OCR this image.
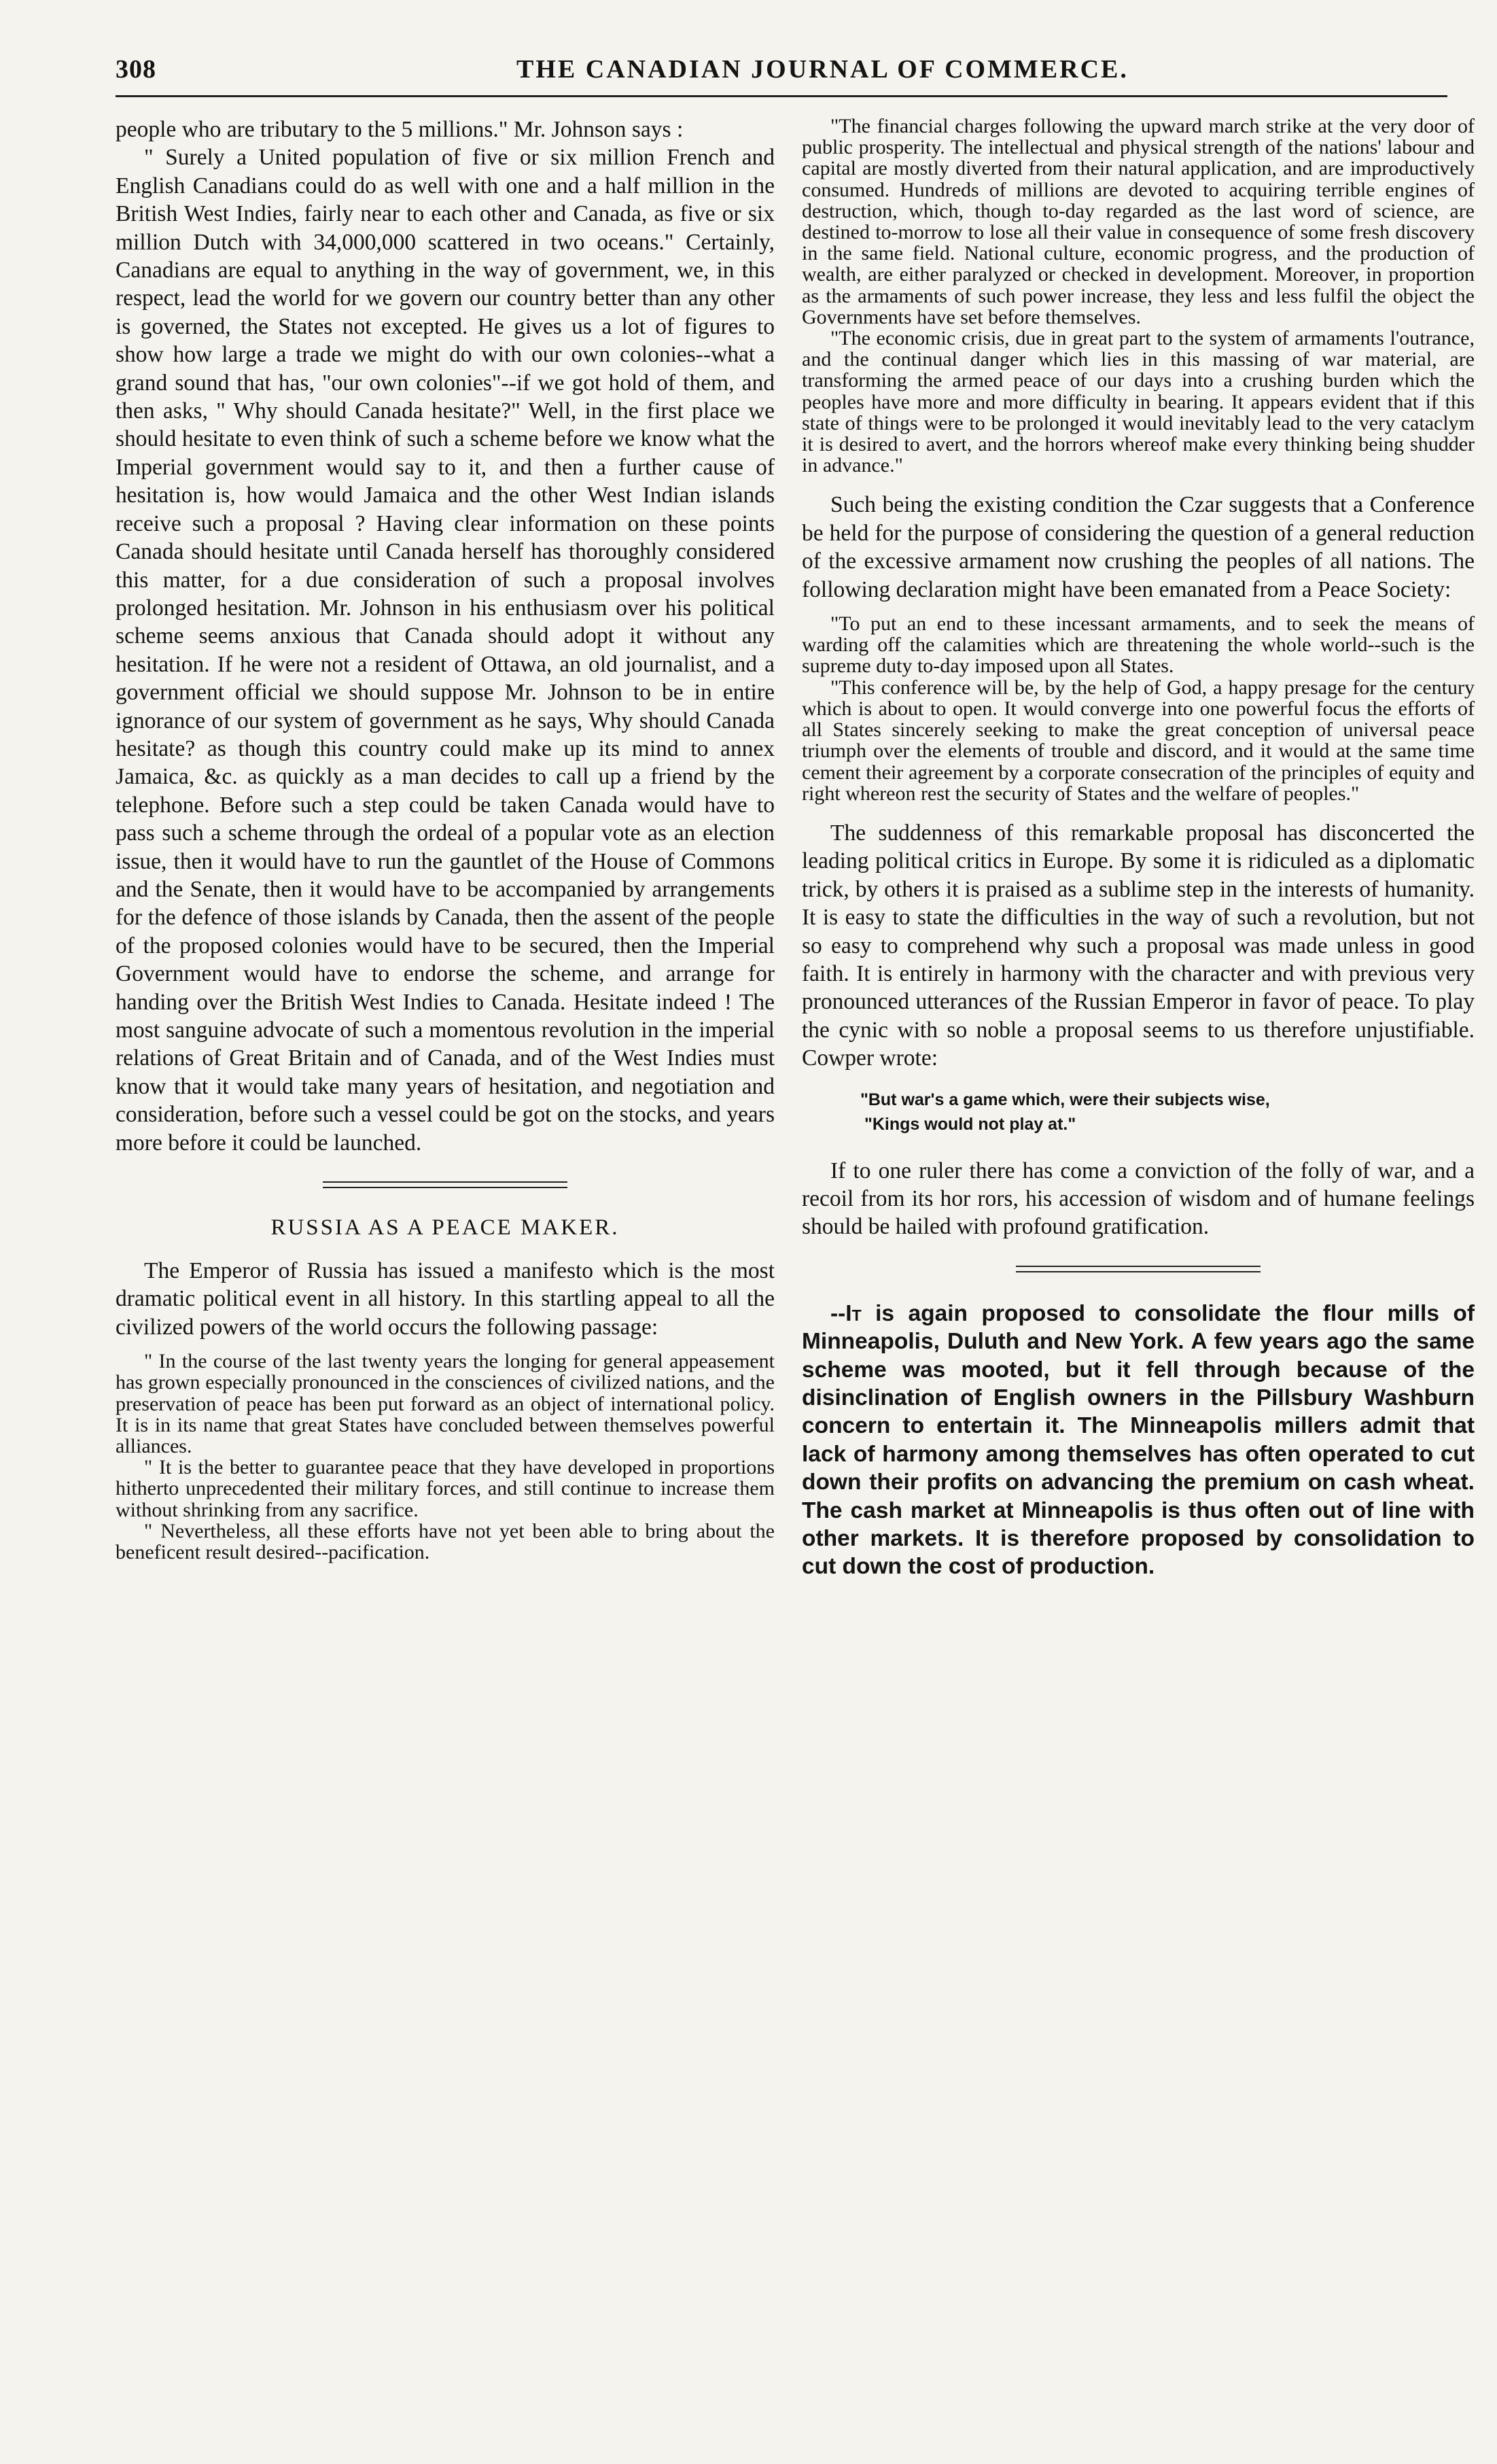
308	THE CANADIAN JOURNAL OF COMMERCE.

people who are tributary to the 5 millions." Mr. Johnson says :

" Surely a United population of five or six million French and English Canadians could do as well with one and a half million in the British West Indies, fairly near to each other and Canada, as five or six million Dutch with 34,000,000 scattered in two oceans." Certainly, Canadians are equal to anything in the way of government, we, in this respect, lead the world for we govern our country better than any other is governed, the States not excepted. He gives us a lot of figures to show how large a trade we might do with our own colonies--what a grand sound that has, "our own colonies"--if we got hold of them, and then asks, " Why should Canada hesitate?" Well, in the first place we should hesitate to even think of such a scheme before we know what the Imperial government would say to it, and then a further cause of hesitation is, how would Jamaica and the other West Indian islands receive such a proposal ? Having clear information on these points Canada should hesitate until Canada herself has thoroughly considered this matter, for a due consideration of such a proposal involves prolonged hesitation. Mr. Johnson in his enthusiasm over his political scheme seems anxious that Canada should adopt it without any hesitation. If he were not a resident of Ottawa, an old journalist, and a government official we should suppose Mr. Johnson to be in entire ignorance of our system of government as he says, Why should Canada hesitate? as though this country could make up its mind to annex Jamaica, &c. as quickly as a man decides to call up a friend by the telephone. Before such a step could be taken Canada would have to pass such a scheme through the ordeal of a popular vote as an election issue, then it would have to run the gauntlet of the House of Commons and the Senate, then it would have to be accompanied by arrangements for the defence of those islands by Canada, then the assent of the people of the proposed colonies would have to be secured, then the Imperial Government would have to endorse the scheme, and arrange for handing over the British West Indies to Canada. Hesitate indeed ! The most sanguine advocate of such a momentous revolution in the imperial relations of Great Britain and of Canada, and of the West Indies must know that it would take many years of hesitation, and negotiation and consideration, before such a vessel could be got on the stocks, and years more before it could be launched.

RUSSIA AS A PEACE MAKER.

The Emperor of Russia has issued a manifesto which is the most dramatic political event in all history. In this startling appeal to all the civilized powers of the world occurs the following passage:

" In the course of the last twenty years the longing for general appeasement has grown especially pronounced in the consciences of civilized nations, and the preservation of peace has been put forward as an object of international policy. It is in its name that great States have concluded between themselves powerful alliances.

" It is the better to guarantee peace that they have developed in proportions hitherto unprecedented their military forces, and still continue to increase them without shrinking from any sacrifice.

" Nevertheless, all these efforts have not yet been able to bring about the beneficent result desired--pacification.

"The financial charges following the upward march strike at the very door of public prosperity. The intellectual and physical strength of the nations' labour and capital are mostly diverted from their natural application, and are improductively consumed. Hundreds of millions are devoted to acquiring terrible engines of destruction, which, though to-day regarded as the last word of science, are destined to-morrow to lose all their value in consequence of some fresh discovery in the same field. National culture, economic progress, and the production of wealth, are either paralyzed or checked in development. Moreover, in proportion as the armaments of such power increase, they less and less fulfil the object the Governments have set before themselves.

"The economic crisis, due in great part to the system of armaments l'outrance, and the continual danger which lies in this massing of war material, are transforming the armed peace of our days into a crushing burden which the peoples have more and more difficulty in bearing. It appears evident that if this state of things were to be prolonged it would inevitably lead to the very cataclym it is desired to avert, and the horrors whereof make every thinking being shudder in advance."

Such being the existing condition the Czar suggests that a Conference be held for the purpose of considering the question of a general reduction of the excessive armament now crushing the peoples of all nations. The following declaration might have been emanated from a Peace Society:

"To put an end to these incessant armaments, and to seek the means of warding off the calamities which are threatening the whole world--such is the supreme duty to-day imposed upon all States.

"This conference will be, by the help of God, a happy presage for the century which is about to open. It would converge into one powerful focus the efforts of all States sincerely seeking to make the great conception of universal peace triumph over the elements of trouble and discord, and it would at the same time cement their agreement by a corporate consecration of the principles of equity and right whereon rest the security of States and the welfare of peoples."

The suddenness of this remarkable proposal has disconcerted the leading political critics in Europe. By some it is ridiculed as a diplomatic trick, by others it is praised as a sublime step in the interests of humanity. It is easy to state the difficulties in the way of such a revolution, but not so easy to comprehend why such a proposal was made unless in good faith. It is entirely in harmony with the character and with previous very pronounced utterances of the Russian Emperor in favor of peace. To play the cynic with so noble a proposal seems to us therefore unjustifiable. Cowper wrote:

"But war's a game which, were their subjects wise,
"Kings would not play at."

If to one ruler there has come a conviction of the folly of war, and a recoil from its hor rors, his accession of wisdom and of humane feelings should be hailed with profound gratification.

--It is again proposed to consolidate the flour mills of Minneapolis, Duluth and New York. A few years ago the same scheme was mooted, but it fell through because of the disinclination of English owners in the Pillsbury Washburn concern to entertain it. The Minneapolis millers admit that lack of harmony among themselves has often operated to cut down their profits on advancing the premium on cash wheat. The cash market at Minneapolis is thus often out of line with other markets. It is therefore proposed by consolidation to cut down the cost of production.
